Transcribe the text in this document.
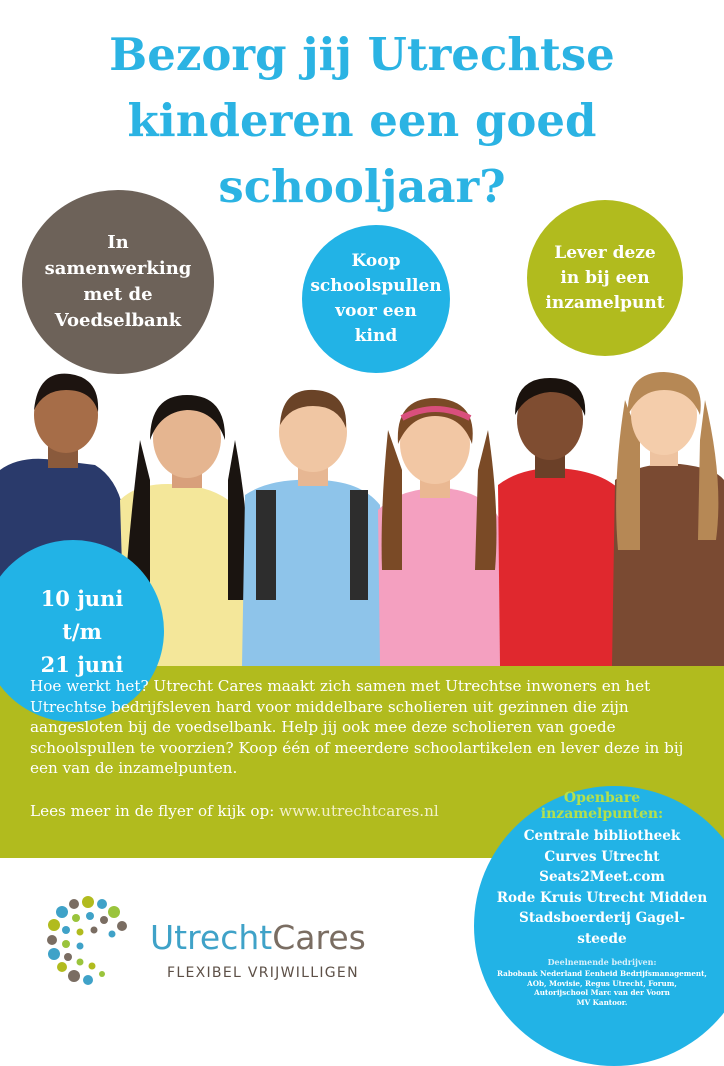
Bezorg jij Utrechtse
kinderen een goed
schooljaar?
In
samenwerking
met de
Voedselbank
Koop
schoolspullen
voor een
kind
Lever deze
in bij een
inzamelpunt
10 juni
t/m
21 juni
Hoe werkt het? Utrecht Cares maakt zich samen met Utrechtse inwoners en het Utrechtse bedrijfsleven hard voor middelbare scholieren uit gezinnen die zijn aangesloten bij de voedselbank. Help jij ook mee deze scholieren van goede schoolspullen te voorzien? Koop één of meerdere schoolartikelen en lever deze in bij een van de inzamelpunten.
Lees meer in de flyer of kijk op: www.utrechtcares.nl
Openbare
inzamelpunten:
Centrale bibliotheek
Curves Utrecht
Seats2Meet.com
Rode Kruis Utrecht Midden
Stadsboerderij Gagel-
steede
Deelnemende bedrijven:
Rabobank Nederland Eenheid Bedrijfsmanagement,
AOb, Movisie, Regus Utrecht, Forum,
Autorijschool Marc van der Voorn
MV Kantoor.
UtrechtCares
FLEXIBEL VRIJWILLIGEN
